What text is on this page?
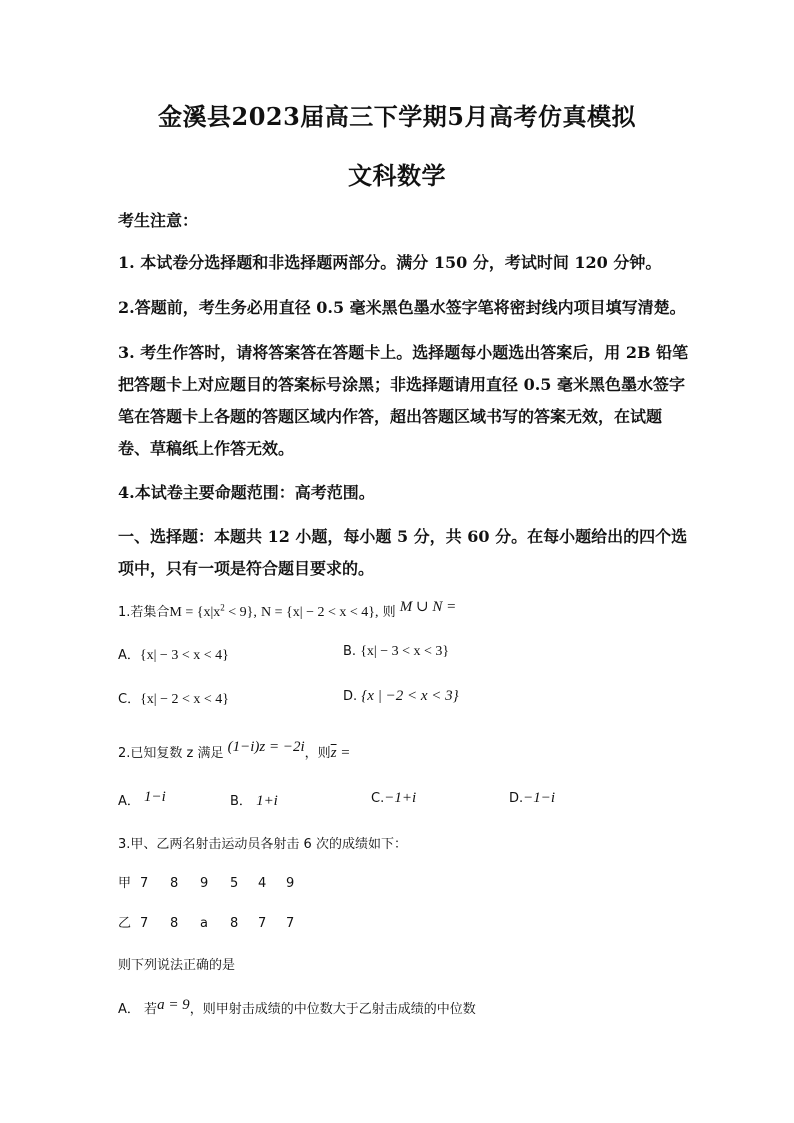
金溪县2023届高三下学期5月高考仿真模拟
文科数学
考生注意：
1. 本试卷分选择题和非选择题两部分。满分 150 分，考试时间 120 分钟。
2.答题前，考生务必用直径 0.5 毫米黑色墨水签字笔将密封线内项目填写清楚。
3. 考生作答时，请将答案答在答题卡上。选择题每小题选出答案后，用 2B 铅笔
把答题卡上对应题目的答案标号涂黑；非选择题请用直径 0.5 毫米黑色墨水签字
笔在答题卡上各题的答题区域内作答，超出答题区域书写的答案无效，在试题
卷、草稿纸上作答无效。
4.本试卷主要命题范围：高考范围。
一、选择题：本题共 12 小题，每小题 5 分，共 60 分。在每小题给出的四个选
项中，只有一项是符合题目要求的。
1.若集合$M = \{x|x^2 < 9\}$, N = {x| − 2 < x < 4}, 则 M ∪ N =
A．{x| − 3 < x < 4}	B. {x| − 3 < x < 3}
C．{x| − 2 < x < 4}	D. {x | −2 < x < 3}
2.已知复数 z 满足 (1−i)z = −2i，则$\overline{z}$ =
A． 1−i	B． 1+i	C.−1+i	D.−1−i
3.甲、乙两名射击运动员各射击 6 次的成绩如下：
甲 7 8 9 5 4 9
乙 7 8 a 8 7 7
则下列说法正确的是
A． 若a = 9，则甲射击成绩的中位数大于乙射击成绩的中位数
